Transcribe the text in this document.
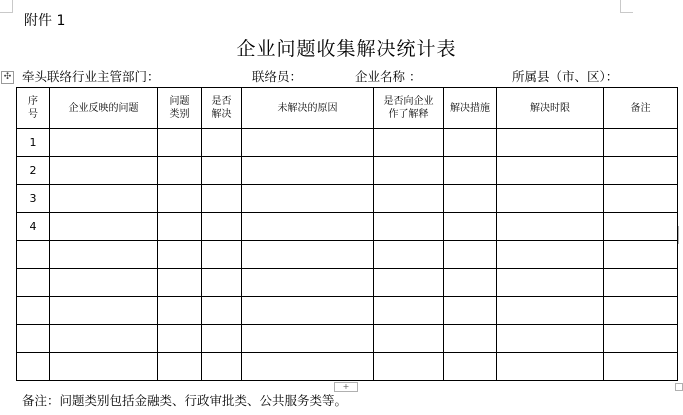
附件 1
企业问题收集解决统计表
✣ 牵头联络行业主管部门：	联络员：	企业名称 ：	所属县（市、区）：
序号	企业反映的问题	问题类别	是否解决	未解决的原因	是否向企业作了解释	解决措施	解决时限	备注
1								
2								
3								
4								

+
备注：问题类别包括金融类、行政审批类、公共服务类等。
